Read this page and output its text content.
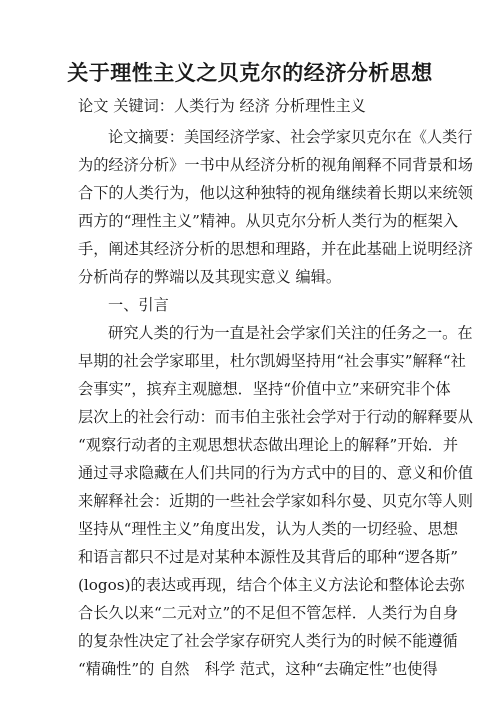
关于理性主义之贝克尔的经济分析思想
论文 关键词：人类行为 经济 分析理性主义
论文摘要：美国经济学家、社会学家贝克尔在《人类行
为的经济分析》一书中从经济分析的视角阐释不同背景和场
合下的人类行为，他以这种独特的视角继续着长期以来统领
西方的“理性主义”精神。从贝克尔分析人类行为的框架入
手，阐述其经济分析的思想和理路，并在此基础上说明经济
分析尚存的弊端以及其现实意义 编辑。
一、引言
研究人类的行为一直是社会学家们关注的任务之一。在
早期的社会学家耶里，杜尔凯姆坚持用“社会事实”解释“社
会事实”，摈弃主观臆想．坚持“价值中立”来研究非个体
层次上的社会行动：而韦伯主张社会学对于行动的解释要从
“观察行动者的主观思想状态做出理论上的解释”开始．并
通过寻求隐藏在人们共同的行为方式中的目的、意义和价值
来解释社会：近期的一些社会学家如科尔曼、贝克尔等人则
坚持从“理性主义”角度出发，认为人类的一切经验、思想
和语言都只不过是对某种本源性及其背后的耶种“逻各斯”
(logos)的表达或再现，结合个体主义方法论和整体论去弥
合长久以来“二元对立”的不足但不管怎样．人类行为自身
的复杂性决定了社会学家存研究人类行为的时候不能遵循
“精确性”的 自然　科学 范式，这种“去确定性”也使得
